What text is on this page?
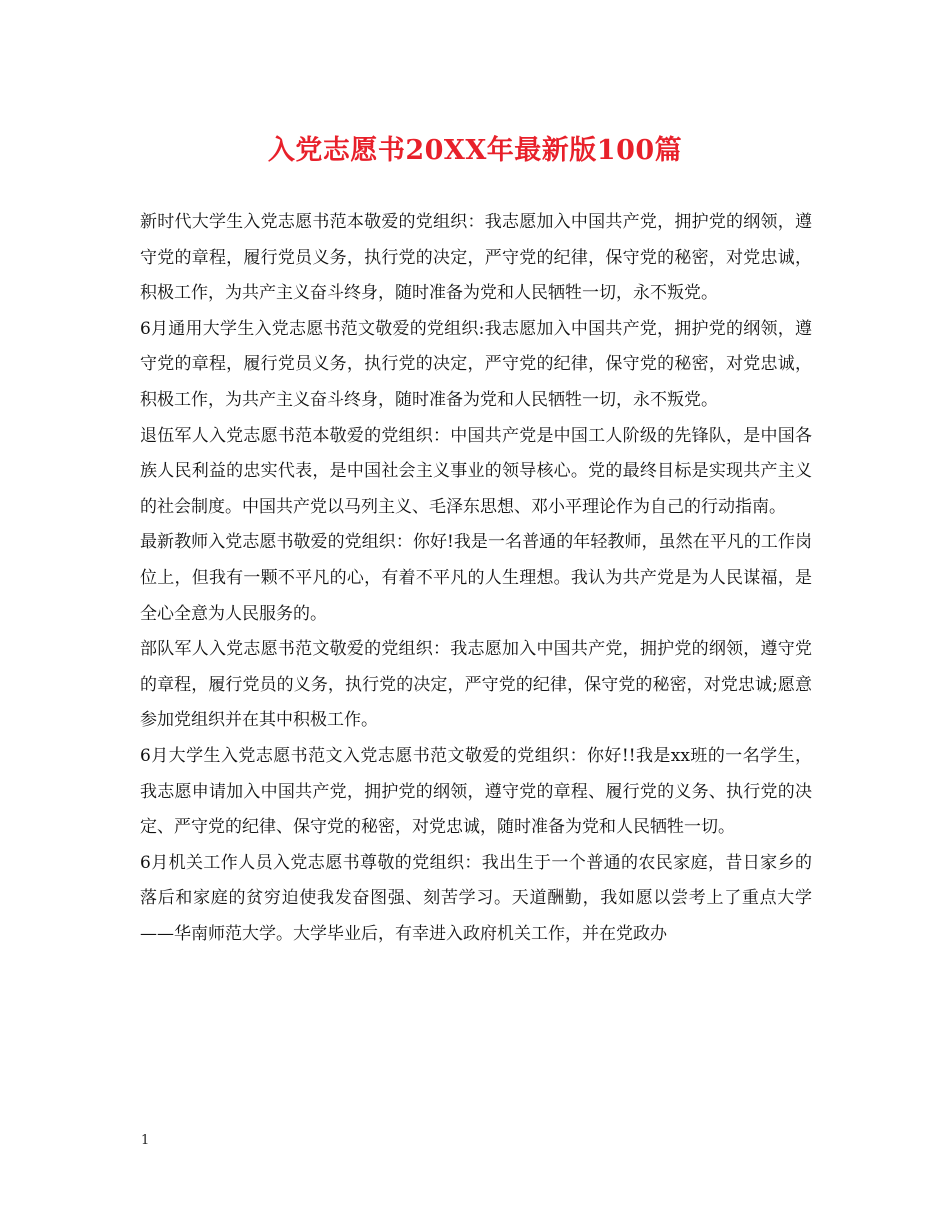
入党志愿书20XX年最新版100篇

新时代大学生入党志愿书范本敬爱的党组织：我志愿加入中国共产党，拥护党的纲领，遵守党的章程，履行党员义务，执行党的决定，严守党的纪律，保守党的秘密，对党忠诚，积极工作，为共产主义奋斗终身，随时准备为党和人民牺牲一切，永不叛党。

6月通用大学生入党志愿书范文敬爱的党组织:我志愿加入中国共产党，拥护党的纲领，遵守党的章程，履行党员义务，执行党的决定，严守党的纪律，保守党的秘密，对党忠诚，积极工作，为共产主义奋斗终身，随时准备为党和人民牺牲一切，永不叛党。

退伍军人入党志愿书范本敬爱的党组织：中国共产党是中国工人阶级的先锋队，是中国各族人民利益的忠实代表，是中国社会主义事业的领导核心。党的最终目标是实现共产主义的社会制度。中国共产党以马列主义、毛泽东思想、邓小平理论作为自己的行动指南。

最新教师入党志愿书敬爱的党组织：你好!我是一名普通的年轻教师，虽然在平凡的工作岗位上，但我有一颗不平凡的心，有着不平凡的人生理想。我认为共产党是为人民谋福，是全心全意为人民服务的。

部队军人入党志愿书范文敬爱的党组织：我志愿加入中国共产党，拥护党的纲领，遵守党的章程，履行党员的义务，执行党的决定，严守党的纪律，保守党的秘密，对党忠诚;愿意参加党组织并在其中积极工作。

6月大学生入党志愿书范文入党志愿书范文敬爱的党组织：你好!!我是xx班的一名学生，我志愿申请加入中国共产党，拥护党的纲领，遵守党的章程、履行党的义务、执行党的决定、严守党的纪律、保守党的秘密，对党忠诚，随时准备为党和人民牺牲一切。

6月机关工作人员入党志愿书尊敬的党组织：我出生于一个普通的农民家庭，昔日家乡的落后和家庭的贫穷迫使我发奋图强、刻苦学习。天道酬勤，我如愿以尝考上了重点大学——华南师范大学。大学毕业后，有幸进入政府机关工作，并在党政办

1
